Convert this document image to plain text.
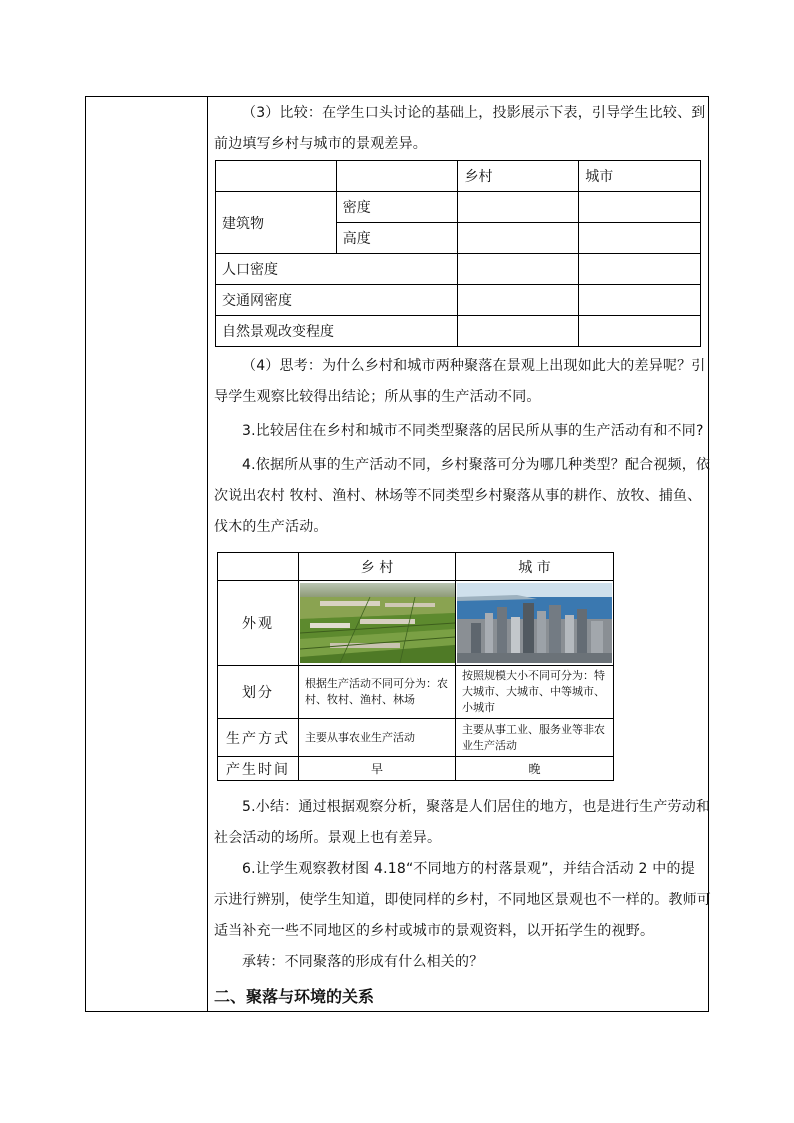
（3）比较：在学生口头讨论的基础上，投影展示下表，引导学生比较、到
前边填写乡村与城市的景观差异。
		乡村	城市
建筑物	密度		
	高度		
人口密度			
交通网密度			
自然景观改变程度			
（4）思考：为什么乡村和城市两种聚落在景观上出现如此大的差异呢？引
导学生观察比较得出结论；所从事的生产活动不同。
3.比较居住在乡村和城市不同类型聚落的居民所从事的生产活动有和不同?
4.依据所从事的生产活动不同，乡村聚落可分为哪几种类型？配合视频，依
次说出农村 牧村、渔村、林场等不同类型乡村聚落从事的耕作、放牧、捕鱼、
伐木的生产活动。
	乡 村	城 市
外观	

划分	根据生产活动不同可分为：农村、牧村、渔村、林场	按照规模大小不同可分为：特大城市、大城市、中等城市、小城市
生产方式	主要从事农业生产活动	主要从事工业、服务业等非农业生产活动
产生时间	早	晚
5.小结：通过根据观察分析，聚落是人们居住的地方，也是进行生产劳动和
社会活动的场所。景观上也有差异。
6.让学生观察教材图 4.18“不同地方的村落景观”，并结合活动 2 中的提
示进行辨别，使学生知道，即使同样的乡村，不同地区景观也不一样的。教师可
适当补充一些不同地区的乡村或城市的景观资料，以开拓学生的视野。
承转：不同聚落的形成有什么相关的？
二、聚落与环境的关系
